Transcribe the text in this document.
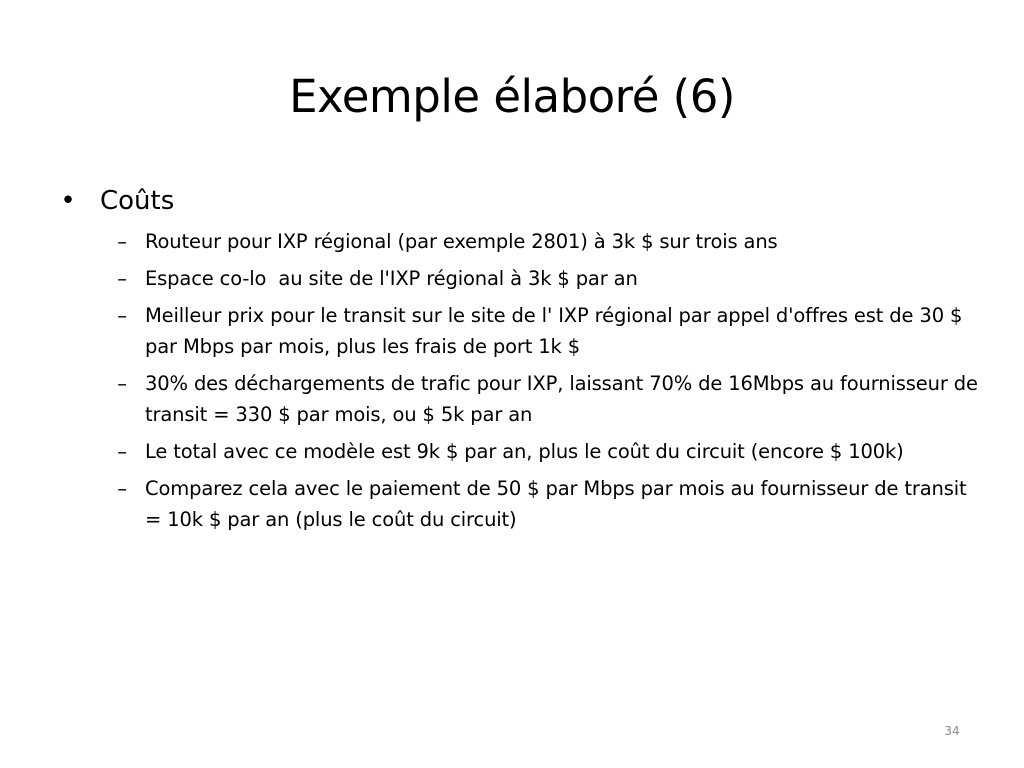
Exemple élaboré (6)
• Coûts
– Routeur pour IXP régional (par exemple 2801) à 3k $ sur trois ans
– Espace co-lo  au site de l'IXP régional à 3k $ par an
– Meilleur prix pour le transit sur le site de l' IXP régional par appel d'offres est de 30 $ par Mbps par mois, plus les frais de port 1k $
– 30% des déchargements de trafic pour IXP, laissant 70% de 16Mbps au fournisseur de transit = 330 $ par mois, ou $ 5k par an
– Le total avec ce modèle est 9k $ par an, plus le coût du circuit (encore $ 100k)
– Comparez cela avec le paiement de 50 $ par Mbps par mois au fournisseur de transit = 10k $ par an (plus le coût du circuit)
34
